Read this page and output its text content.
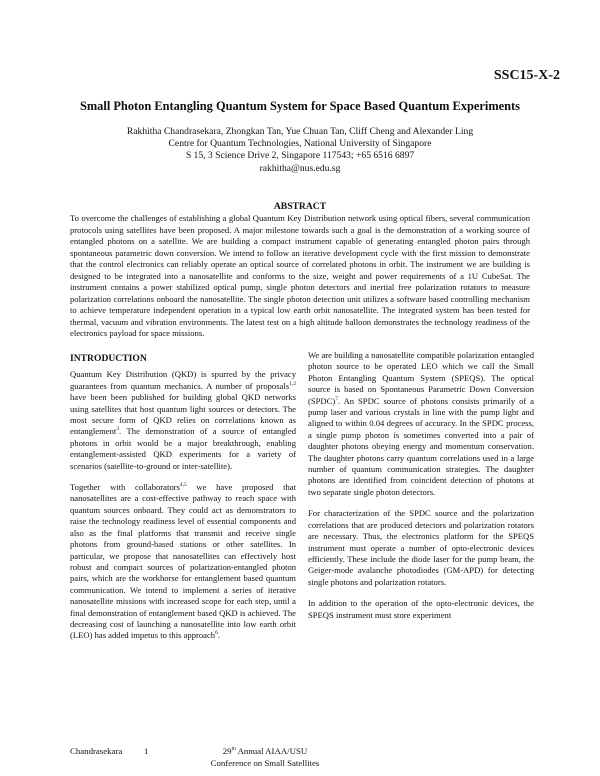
SSC15-X-2
Small Photon Entangling Quantum System for Space Based Quantum Experiments
Rakhitha Chandrasekara, Zhongkan Tan, Yue Chuan Tan, Cliff Cheng and Alexander Ling
Centre for Quantum Technologies, National University of Singapore
S 15, 3 Science Drive 2, Singapore 117543; +65 6516 6897
rakhitha@nus.edu.sg
ABSTRACT

To overcome the challenges of establishing a global Quantum Key Distribution network using optical fibers, several communication protocols using satellites have been proposed. A major milestone towards such a goal is the demonstration of a working source of entangled photons on a satellite. We are building a compact instrument capable of generating entangled photon pairs through spontaneous parametric down conversion. We intend to follow an iterative development cycle with the first mission to demonstrate that the control electronics can reliably operate an optical source of correlated photons in orbit. The instrument we are building is designed to be integrated into a nanosatellite and conforms to the size, weight and power requirements of a 1U CubeSat. The instrument contains a power stabilized optical pump, single photon detectors and inertial free polarization rotators to measure polarization correlations onboard the nanosatellite. The single photon detection unit utilizes a software based controlling mechanism to achieve temperature independent operation in a typical low earth orbit nanosatellite. The integrated system has been tested for thermal, vacuum and vibration environments. The latest test on a high altitude balloon demonstrates the technology readiness of the electronics payload for space missions.

INTRODUCTION

Quantum Key Distribution (QKD) is spurred by the privacy guarantees from quantum mechanics. A number of proposals$^{1,2}$ have been been published for building global QKD networks using satellites that host quantum light sources or detectors. The most secure form of QKD relies on correlations known as entanglement$^3$. The demonstration of a source of entangled photons in orbit would be a major breakthrough, enabling entanglement-assisted QKD experiments for a variety of scenarios (satellite-to-ground or inter-satellite).

Together with collaborators$^{4,5}$ we have proposed that nanosatellites are a cost-effective pathway to reach space with quantum sources onboard. They could act as demonstrators to raise the technology readiness level of essential components and also as the final platforms that transmit and receive single photons from ground-based stations or other satellites. In particular, we propose that nanosatellites can effectively host robust and compact sources of polarization-entangled photon pairs, which are the workhorse for entanglement based quantum communication. We intend to implement a series of iterative nanosatellite missions with increased scope for each step, until a final demonstration of entanglement based QKD is achieved. The decreasing cost of launching a nanosatellite into low earth orbit (LEO) has added impetus to this approach$^6$.

We are building a nanosatellite compatible polarization entangled photon source to be operated LEO which we call the Small Photon Entangling Quantum System (SPEQS). The optical source is based on Spontaneous Parametric Down Conversion (SPDC)$^7$. An SPDC source of photons consists primarily of a pump laser and various crystals in line with the pump light and aligned to within 0.04 degrees of accuracy. In the SPDC process, a single pump photon is sometimes converted into a pair of daughter photons obeying energy and momentum conservation. The daughter photons carry quantum correlations used in a large number of quantum communication strategies. The daughter photons are identified from coincident detection of photons at two separate single photon detectors.

For characterization of the SPDC source and the polarization correlations that are produced detectors and polarization rotators are necessary. Thus, the electronics platform for the SPEQS instrument must operate a number of opto-electronic devices efficiently. These include the diode laser for the pump beam, the Geiger-mode avalanche photodiodes (GM-APD) for detecting single photons and polarization rotators.

In addition to the operation of the opto-electronic devices, the SPEQS instrument must store experiment

Chandrasekara 1	29th Annual AIAA/USU
Conference on Small Satellites
